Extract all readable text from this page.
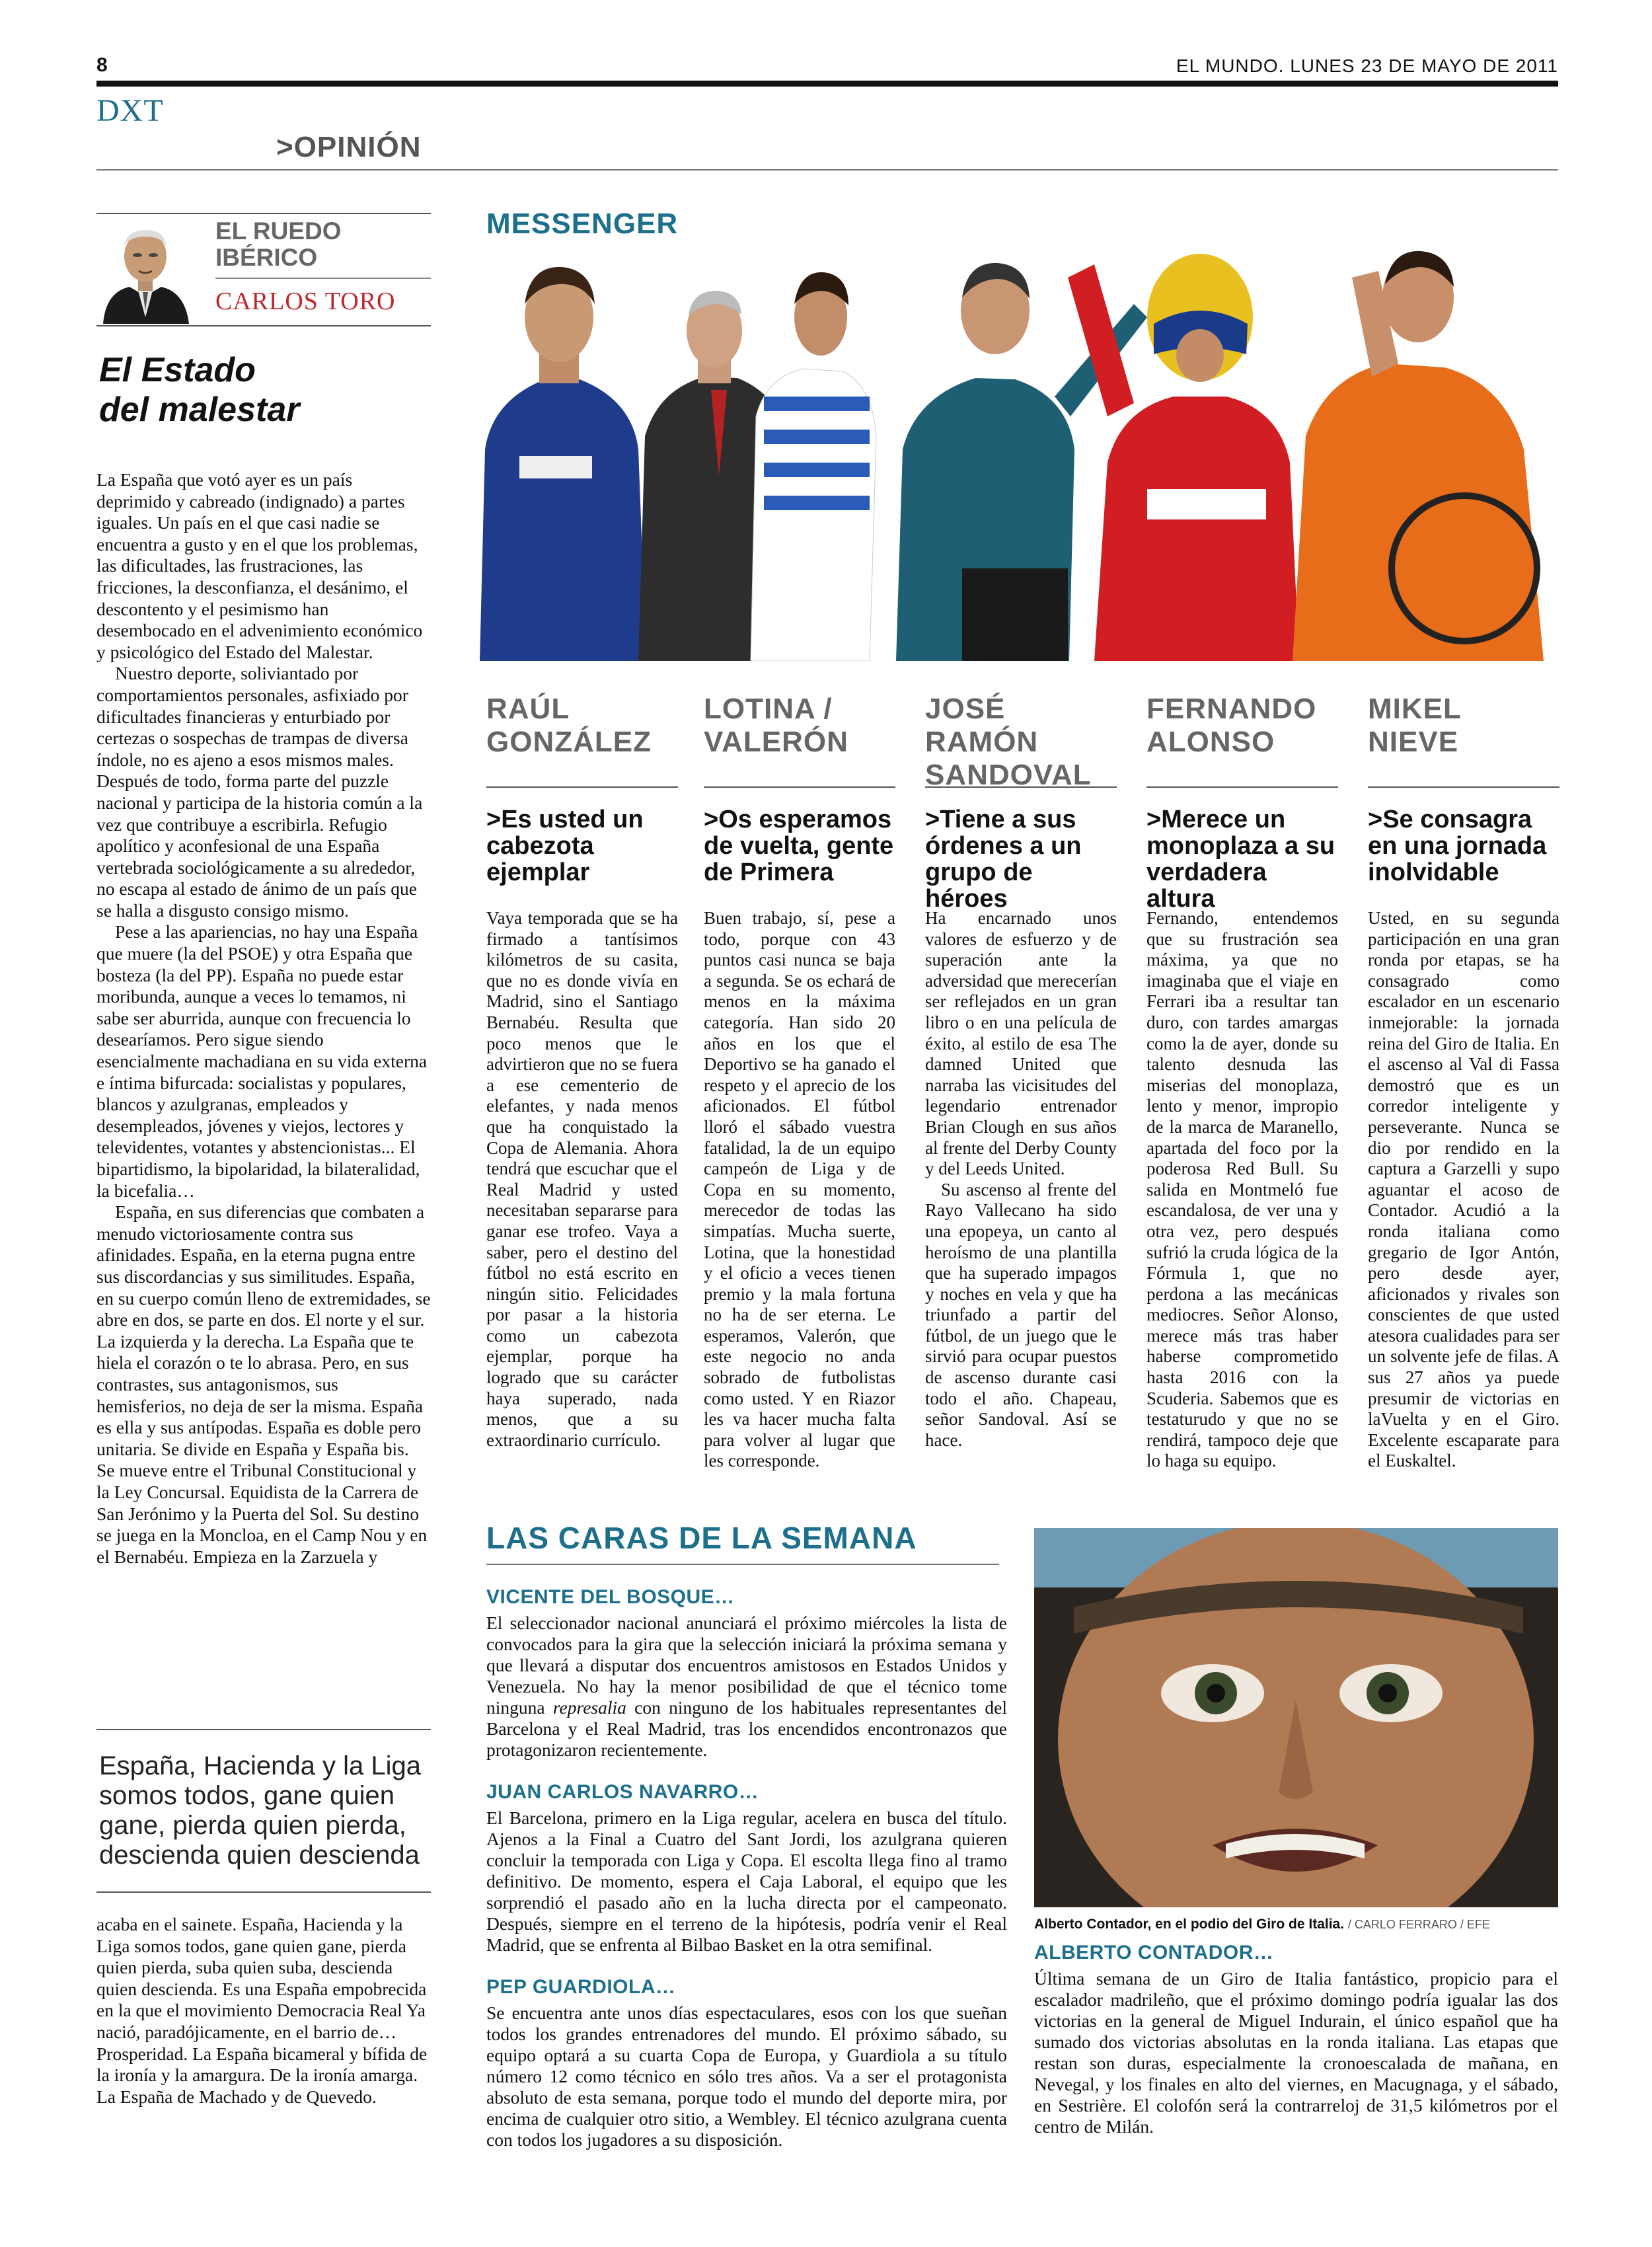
8	EL MUNDO. LUNES 23 DE MAYO DE 2011
DXT
>OPINIÓN
EL RUEDO
IBÉRICO
CARLOS TORO
El Estado
del malestar

La España que votó ayer es un país deprimido y cabreado (indignado) a partes iguales. Un país en el que casi nadie se encuentra a gusto y en el que los problemas, las dificultades, las frustraciones, las fricciones, la desconfianza, el desánimo, el descontento y el pesimismo han desembocado en el advenimiento económico y psicológico del Estado del Malestar.

Nuestro deporte, soliviantado por comportamientos personales, asfixiado por dificultades financieras y enturbiado por certezas o sospechas de trampas de diversa índole, no es ajeno a esos mismos males. Después de todo, forma parte del puzzle nacional y participa de la historia común a la vez que contribuye a escribirla. Refugio apolítico y aconfesional de una España vertebrada sociológicamente a su alrededor, no escapa al estado de ánimo de un país que se halla a disgusto consigo mismo.

Pese a las apariencias, no hay una España que muere (la del PSOE) y otra España que bosteza (la del PP). España no puede estar moribunda, aunque a veces lo temamos, ni sabe ser aburrida, aunque con frecuencia lo desearíamos. Pero sigue siendo esencialmente machadiana en su vida externa e íntima bifurcada: socialistas y populares, blancos y azulgranas, empleados y desempleados, jóvenes y viejos, lectores y televidentes, votantes y abstencionistas... El bipartidismo, la bipolaridad, la bilateralidad, la bicefalia…

España, en sus diferencias que combaten a menudo victoriosamente contra sus afinidades. España, en la eterna pugna entre sus discordancias y sus similitudes. España, en su cuerpo común lleno de extremidades, se abre en dos, se parte en dos. El norte y el sur. La izquierda y la derecha. La España que te hiela el corazón o te lo abrasa. Pero, en sus contrastes, sus antagonismos, sus hemisferios, no deja de ser la misma. España es ella y sus antípodas. España es doble pero unitaria. Se divide en España y España bis. Se mueve entre el Tribunal Constitucional y la Ley Concursal. Equidista de la Carrera de San Jerónimo y la Puerta del Sol. Su destino se juega en la Moncloa, en el Camp Nou y en el Bernabéu. Empieza en la Zarzuela y

España, Hacienda y la Liga somos todos, gane quien gane, pierda quien pierda, descienda quien descienda

acaba en el sainete. España, Hacienda y la Liga somos todos, gane quien gane, pierda quien pierda, suba quien suba, descienda quien descienda. Es una España empobrecida en la que el movimiento Democracia Real Ya nació, paradójicamente, en el barrio de… Prosperidad. La España bicameral y bífida de la ironía y la amargura. De la ironía amarga. La España de Machado y de Quevedo.

MESSENGER
RAÚL
GONZÁLEZ
>Es usted un cabezota ejemplar

Vaya temporada que se ha firmado a tantísimos kilómetros de su casita, que no es donde vivía en Madrid, sino el Santiago Bernabéu. Resulta que poco menos que le advirtieron que no se fuera a ese cementerio de elefantes, y nada menos que ha conquistado la Copa de Alemania. Ahora tendrá que escuchar que el Real Madrid y usted necesitaban separarse para ganar ese trofeo. Vaya a saber, pero el destino del fútbol no está escrito en ningún sitio. Felicidades por pasar a la historia como un cabezota ejemplar, porque ha logrado que su carácter haya superado, nada menos, que a su extraordinario currículo.

LOTINA /
VALERÓN
>Os esperamos de vuelta, gente de Primera

Buen trabajo, sí, pese a todo, porque con 43 puntos casi nunca se baja a segunda. Se os echará de menos en la máxima categoría. Han sido 20 años en los que el Deportivo se ha ganado el respeto y el aprecio de los aficionados. El fútbol lloró el sábado vuestra fatalidad, la de un equipo campeón de Liga y de Copa en su momento, merecedor de todas las simpatías. Mucha suerte, Lotina, que la honestidad y el oficio a veces tienen premio y la mala fortuna no ha de ser eterna. Le esperamos, Valerón, que este negocio no anda sobrado de futbolistas como usted. Y en Riazor les va hacer mucha falta para volver al lugar que les corresponde.

JOSÉ RAMÓN
SANDOVAL
>Tiene a sus órdenes a un grupo de héroes

Ha encarnado unos valores de esfuerzo y de superación ante la adversidad que merecerían ser reflejados en un gran libro o en una película de éxito, al estilo de esa The damned United que narraba las vicisitudes del legendario entrenador Brian Clough en sus años al frente del Derby County y del Leeds United.

Su ascenso al frente del Rayo Vallecano ha sido una epopeya, un canto al heroísmo de una plantilla que ha superado impagos y noches en vela y que ha triunfado a partir del fútbol, de un juego que le sirvió para ocupar puestos de ascenso durante casi todo el año. Chapeau, señor Sandoval. Así se hace.

FERNANDO
ALONSO
>Merece un monoplaza a su verdadera altura

Fernando, entendemos que su frustración sea máxima, ya que no imaginaba que el viaje en Ferrari iba a resultar tan duro, con tardes amargas como la de ayer, donde su talento desnuda las miserias del monoplaza, lento y menor, impropio de la marca de Maranello, apartada del foco por la poderosa Red Bull. Su salida en Montmeló fue escandalosa, de ver una y otra vez, pero después sufrió la cruda lógica de la Fórmula 1, que no perdona a las mecánicas mediocres. Señor Alonso, merece más tras haber haberse comprometido hasta 2016 con la Scuderia. Sabemos que es testaturudo y que no se rendirá, tampoco deje que lo haga su equipo.

MIKEL
NIEVE
>Se consagra en una jornada inolvidable

Usted, en su segunda participación en una gran ronda por etapas, se ha consagrado como escalador en un escenario inmejorable: la jornada reina del Giro de Italia. En el ascenso al Val di Fassa demostró que es un corredor inteligente y perseverante. Nunca se dio por rendido en la captura a Garzelli y supo aguantar el acoso de Contador. Acudió a la ronda italiana como gregario de Igor Antón, pero desde ayer, aficionados y rivales son conscientes de que usted atesora cualidades para ser un solvente jefe de filas. A sus 27 años ya puede presumir de victorias en laVuelta y en el Giro. Excelente escaparate para el Euskaltel.

LAS CARAS DE LA SEMANA
VICENTE DEL BOSQUE…
El seleccionador nacional anunciará el próximo miércoles la lista de convocados para la gira que la selección iniciará la próxima semana y que llevará a disputar dos encuentros amistosos en Estados Unidos y Venezuela. No hay la menor posibilidad de que el técnico tome ninguna represalia con ninguno de los habituales representantes del Barcelona y el Real Madrid, tras los encendidos encontronazos que protagonizaron recientemente.
JUAN CARLOS NAVARRO…
El Barcelona, primero en la Liga regular, acelera en busca del título. Ajenos a la Final a Cuatro del Sant Jordi, los azulgrana quieren concluir la temporada con Liga y Copa. El escolta llega fino al tramo definitivo. De momento, espera el Caja Laboral, el equipo que les sorprendió el pasado año en la lucha directa por el campeonato. Después, siempre en el terreno de la hipótesis, podría venir el Real Madrid, que se enfrenta al Bilbao Basket en la otra semifinal.
PEP GUARDIOLA…
Se encuentra ante unos días espectaculares, esos con los que sueñan todos los grandes entrenadores del mundo. El próximo sábado, su equipo optará a su cuarta Copa de Europa, y Guardiola a su título número 12 como técnico en sólo tres años. Va a ser el protagonista absoluto de esta semana, porque todo el mundo del deporte mira, por encima de cualquier otro sitio, a Wembley. El técnico azulgrana cuenta con todos los jugadores a su disposición.
Alberto Contador, en el podio del Giro de Italia. / CARLO FERRARO / EFE
ALBERTO CONTADOR…
Última semana de un Giro de Italia fantástico, propicio para el escalador madrileño, que el próximo domingo podría igualar las dos victorias en la general de Miguel Indurain, el único español que ha sumado dos victorias absolutas en la ronda italiana. Las etapas que restan son duras, especialmente la cronoescalada de mañana, en Nevegal, y los finales en alto del viernes, en Macugnaga, y el sábado, en Sestrière. El colofón será la contrarreloj de 31,5 kilómetros por el centro de Milán.
